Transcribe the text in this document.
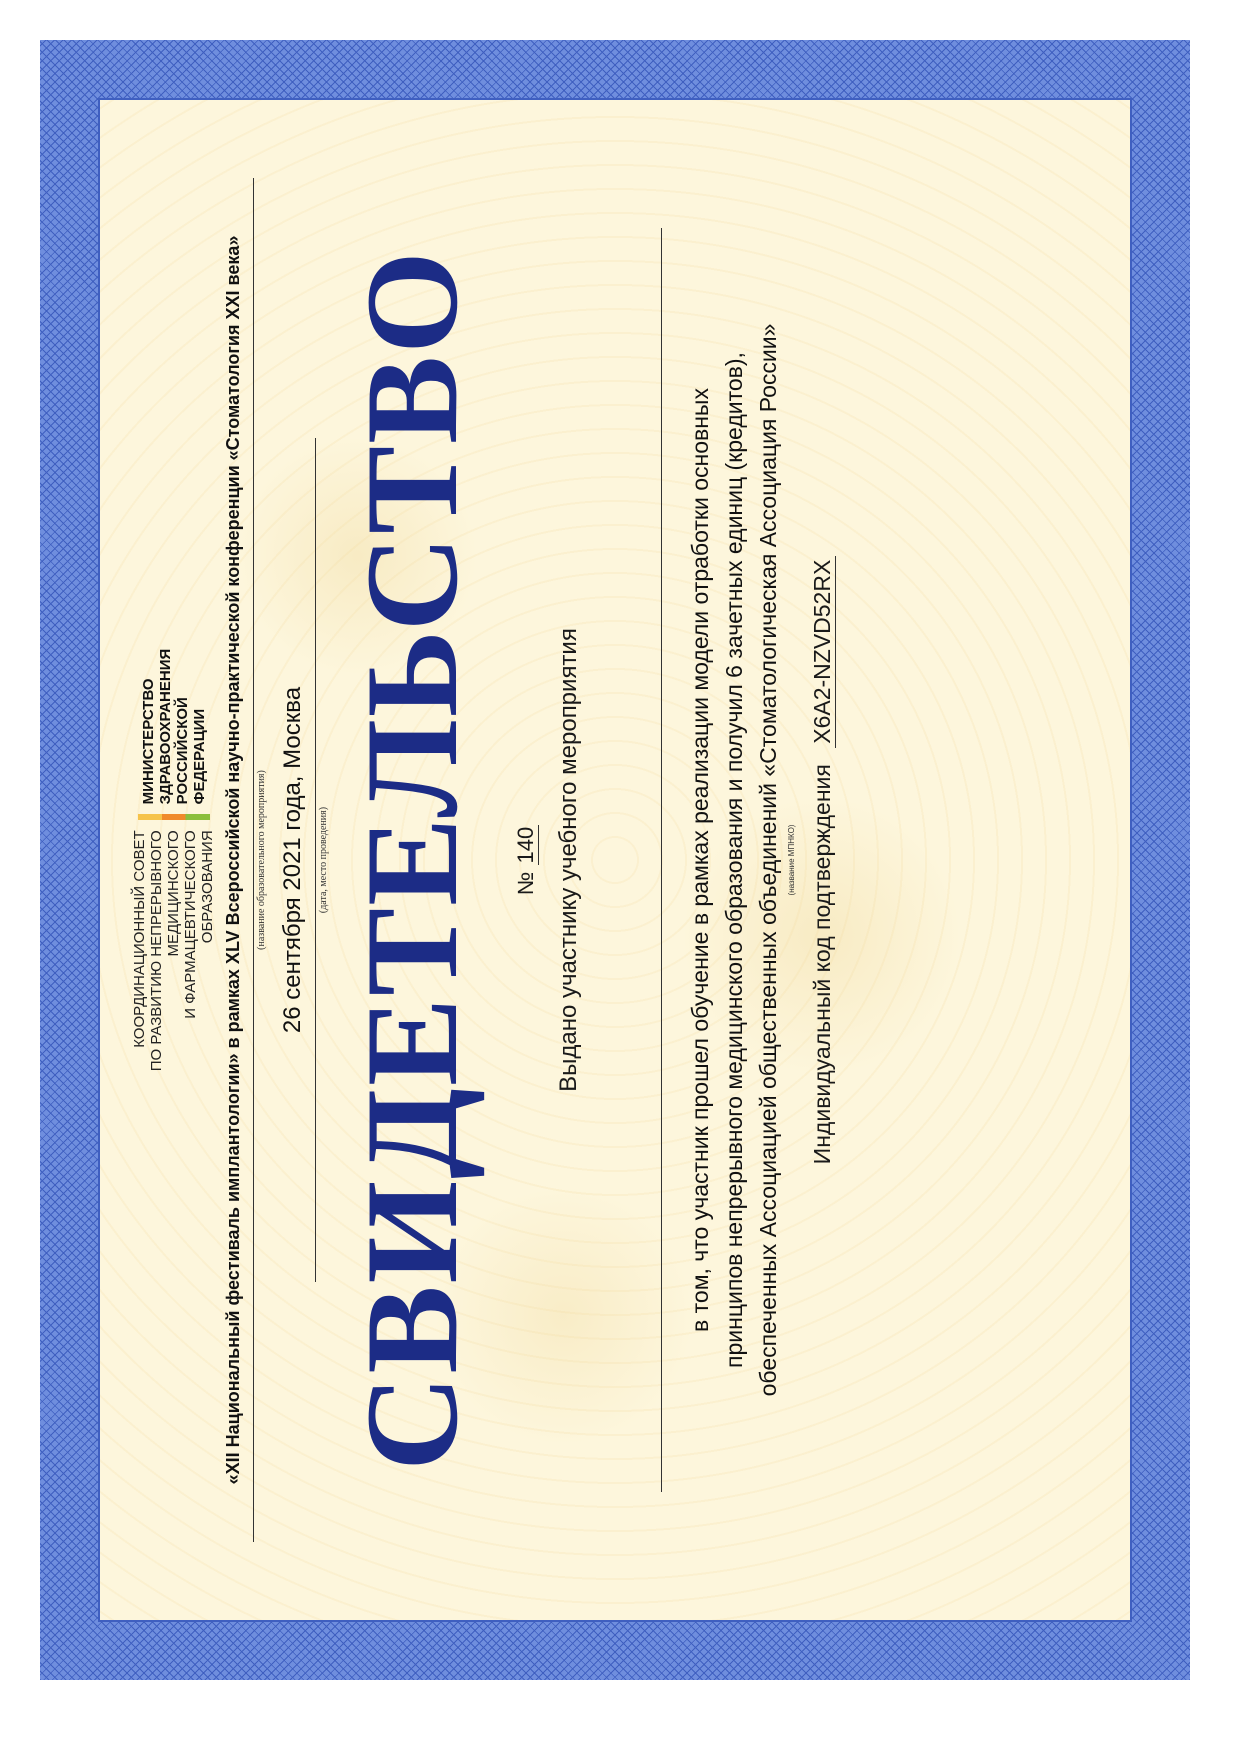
КООРДИНАЦИОННЫЙ СОВЕТ ПО РАЗВИТИЮ НЕПРЕРЫВНОГО МЕДИЦИНСКОГО И ФАРМАЦЕВТИЧЕСКОГО ОБРАЗОВАНИЯ
МИНИСТЕРСТВО ЗДРАВООХРАНЕНИЯ РОССИЙСКОЙ ФЕДЕРАЦИИ «XII Национальный фестиваль имплантологии» в рамках XLV Всероссийской научно-практической конференции «Стоматология XXI века» (название образовательного мероприятия) 26 сентября 2021 года, Москва (дата, место проведения) СВИДЕТЕЛЬСТВО № 140 Выдано участнику учебного мероприятия	в том, что участник прошел обучение в рамках реализации модели отработки основных принципов непрерывного медицинского образования и получил 6 зачетных единиц (кредитов), обеспеченных Ассоциацией общественных объединений «Стоматологическая Ассоциация России» (название МПНКО) Индивидуальный код подтверждения X6A2-NZVD52RX
